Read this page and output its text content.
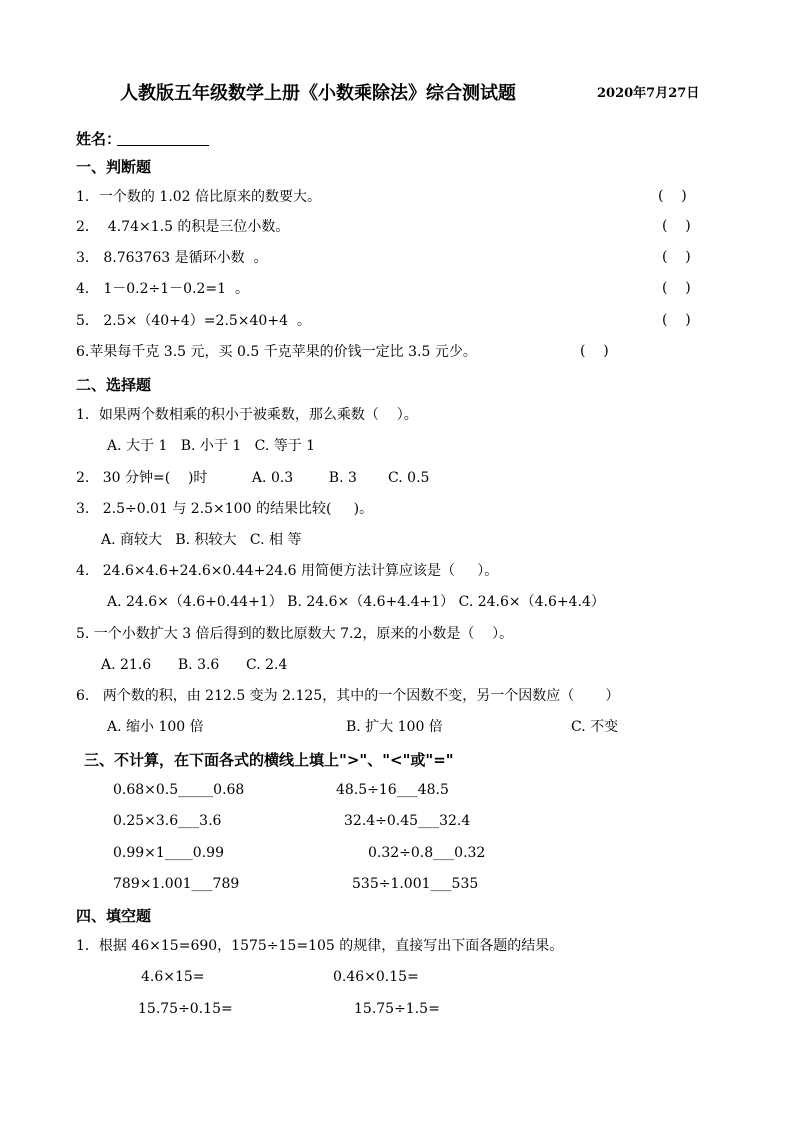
人教版五年级数学上册《小数乘除法》综合测试题	2020年7月27日
姓名：
一、判断题
1．一个数的 1.02 倍比原来的数要大。	(    )
2．  4.74×1.5 的积是三位小数。	(    )
3． 8.763763 是循环小数  。	(    )
4． 1－0.2÷1－0.2=1  。	(    )
5． 2.5×（40+4）=2.5×40+4  。	(    )
6.苹果每千克 3.5 元，买 0.5 千克苹果的价钱一定比 3.5 元少。	(    )
二、选择题
1．如果两个数相乘的积小于被乘数，那么乘数（    ）。
A. 大于 1   B. 小于 1   C. 等于 1
2.   30 分钟=(    )时          A. 0.3        B. 3       C. 0.5
3.   2.5÷0.01 与 2.5×100 的结果比较(     )。
A. 商较大   B. 积较大   C. 相 等
4.   24.6×4.6+24.6×0.44+24.6 用简便方法计算应该是（     ）。
A. 24.6×（4.6+0.44+1） B. 24.6×（4.6+4.4+1） C. 24.6×（4.6+4.4）
5. 一个小数扩大 3 倍后得到的数比原数大 7.2，原来的小数是（    ）。
A. 21.6      B. 3.6      C. 2.4
6.   两个数的积，由 212.5 变为 2.125，其中的一个因数不变，另一个因数应（       ）
A. 缩小 100 倍	B. 扩大 100 倍	C. 不变
三、不计算，在下面各式的横线上填上">"、"<"或"="
0.68×0.5_____0.68	48.5÷16___48.5
0.25×3.6___3.6	32.4÷0.45___32.4
0.99×1____0.99	0.32÷0.8___0.32
789×1.001___789	535÷1.001___535
四、填空题
1．根据 46×15=690，1575÷15=105 的规律，直接写出下面各题的结果。
4.6×15=	0.46×0.15=
15.75÷0.15=	15.75÷1.5=
